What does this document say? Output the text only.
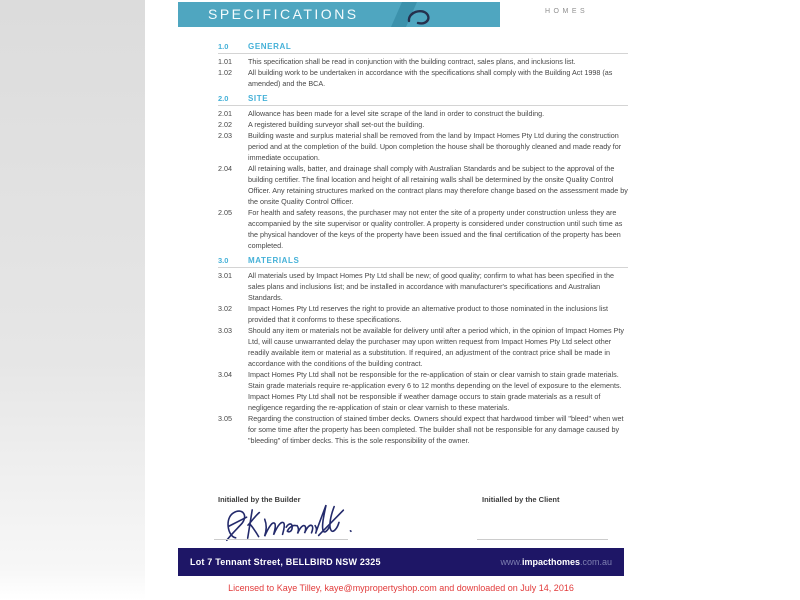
SPECIFICATIONS	HOMES
1.0	GENERAL
1.01	This specification shall be read in conjunction with the building contract, sales plans, and inclusions list.
1.02	All building work to be undertaken in accordance with the specifications shall comply with the Building Act 1998 (as amended) and the BCA.
2.0	SITE
2.01	Allowance has been made for a level site scrape of the land in order to construct the building.
2.02	A registered building surveyor shall set-out the building.
2.03	Building waste and surplus material shall be removed from the land by Impact Homes Pty Ltd during the construction period and at the completion of the build. Upon completion the house shall be thoroughly cleaned and made ready for immediate occupation.
2.04	All retaining walls, batter, and drainage shall comply with Australian Standards and be subject to the approval of the building certifier. The final location and height of all retaining walls shall be determined by the onsite Quality Control Officer. Any retaining structures marked on the contract plans may therefore change based on the assessment made by the onsite Quality Control Officer.
2.05	For health and safety reasons, the purchaser may not enter the site of a property under construction unless they are accompanied by the site supervisor or quality controller. A property is considered under construction until such time as the physical handover of the keys of the property have been issued and the final certification of the property has been completed.
3.0	MATERIALS
3.01	All materials used by Impact Homes Pty Ltd shall be new; of good quality; confirm to what has been specified in the sales plans and inclusions list; and be installed in accordance with manufacturer's specifications and Australian Standards.
3.02	Impact Homes Pty Ltd reserves the right to provide an alternative product to those nominated in the inclusions list provided that it conforms to these specifications.
3.03	Should any item or materials not be available for delivery until after a period which, in the opinion of Impact Homes Pty Ltd, will cause unwarranted delay the purchaser may upon written request from Impact Homes Pty Ltd select other readily available item or material as a substitution. If required, an adjustment of the contract price shall be made in accordance with the conditions of the building contract.
3.04	Impact Homes Pty Ltd shall not be responsible for the re-application of stain or clear varnish to stain grade materials. Stain grade materials require re-application every 6 to 12 months depending on the level of exposure to the elements. Impact Homes Pty Ltd shall not be responsible if weather damage occurs to stain grade materials as a result of negligence regarding the re-application of stain or clear varnish to these materials.
3.05	Regarding the construction of stained timber decks. Owners should expect that hardwood timber will "bleed" when wet for some time after the property has been completed. The builder shall not be responsible for any damage caused by "bleeding" of timber decks. This is the sole responsibility of the owner.
Initialled by the Builder	Initialled by the Client
Lot 7 Tennant Street, BELLBIRD NSW 2325	www.impacthomes.com.au
Licensed to Kaye Tilley, kaye@mypropertyshop.com and downloaded on July 14, 2016
